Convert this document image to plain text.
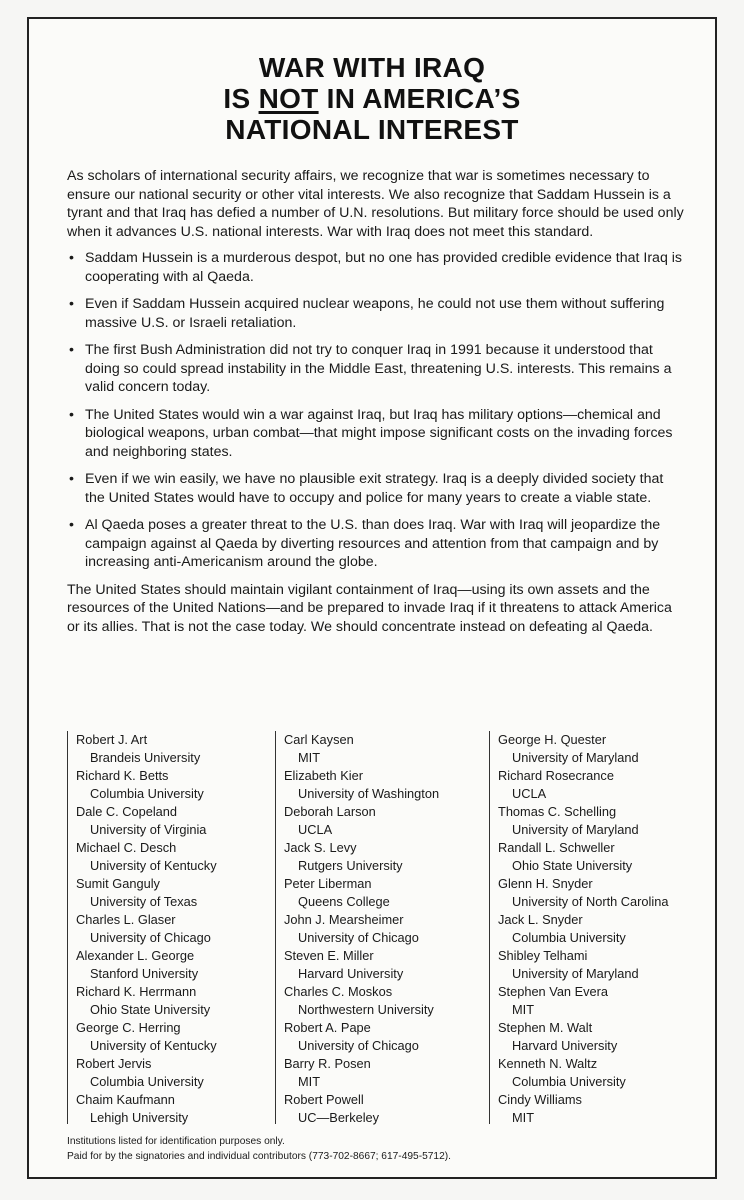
WAR WITH IRAQ
IS NOT IN AMERICA’S
NATIONAL INTEREST

As scholars of international security affairs, we recognize that war is sometimes necessary to ensure our national security or other vital interests. We also recognize that Saddam Hussein is a tyrant and that Iraq has defied a number of U.N. resolutions. But military force should be used only when it advances U.S. national interests. War with Iraq does not meet this standard.

• Saddam Hussein is a murderous despot, but no one has provided credible evidence that Iraq is cooperating with al Qaeda.
• Even if Saddam Hussein acquired nuclear weapons, he could not use them without suffering massive U.S. or Israeli retaliation.
• The first Bush Administration did not try to conquer Iraq in 1991 because it understood that doing so could spread instability in the Middle East, threatening U.S. interests. This remains a valid concern today.
• The United States would win a war against Iraq, but Iraq has military options—chemical and biological weapons, urban combat—that might impose significant costs on the invading forces and neighboring states.
• Even if we win easily, we have no plausible exit strategy. Iraq is a deeply divided society that the United States would have to occupy and police for many years to create a viable state.
• Al Qaeda poses a greater threat to the U.S. than does Iraq. War with Iraq will jeopardize the campaign against al Qaeda by diverting resources and attention from that campaign and by increasing anti-Americanism around the globe.

The United States should maintain vigilant containment of Iraq—using its own assets and the resources of the United Nations—and be prepared to invade Iraq if it threatens to attack America or its allies. That is not the case today. We should concentrate instead on defeating al Qaeda.

Robert J. Art
Brandeis University
Richard K. Betts
Columbia University
Dale C. Copeland
University of Virginia
Michael C. Desch
University of Kentucky
Sumit Ganguly
University of Texas
Charles L. Glaser
University of Chicago
Alexander L. George
Stanford University
Richard K. Herrmann
Ohio State University
George C. Herring
University of Kentucky
Robert Jervis
Columbia University
Chaim Kaufmann
Lehigh University
Carl Kaysen
MIT
Elizabeth Kier
University of Washington
Deborah Larson
UCLA
Jack S. Levy
Rutgers University
Peter Liberman
Queens College
John J. Mearsheimer
University of Chicago
Steven E. Miller
Harvard University
Charles C. Moskos
Northwestern University
Robert A. Pape
University of Chicago
Barry R. Posen
MIT
Robert Powell
UC—Berkeley
George H. Quester
University of Maryland
Richard Rosecrance
UCLA
Thomas C. Schelling
University of Maryland
Randall L. Schweller
Ohio State University
Glenn H. Snyder
University of North Carolina
Jack L. Snyder
Columbia University
Shibley Telhami
University of Maryland
Stephen Van Evera
MIT
Stephen M. Walt
Harvard University
Kenneth N. Waltz
Columbia University
Cindy Williams
MIT
Institutions listed for identification purposes only.
Paid for by the signatories and individual contributors (773-702-8667; 617-495-5712).
